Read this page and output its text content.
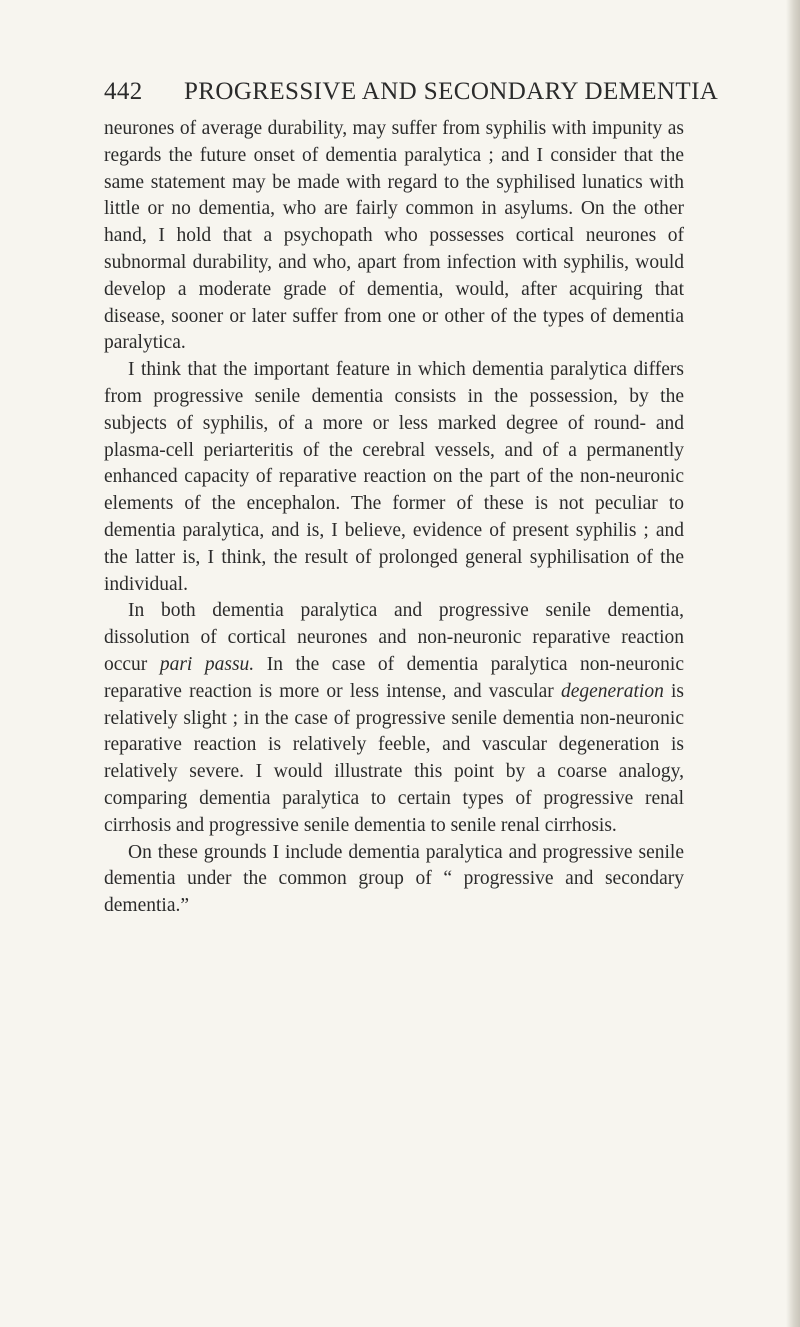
442 PROGRESSIVE AND SECONDARY DEMENTIA

neurones of average durability, may suffer from syphilis with impunity as regards the future onset of dementia paralytica ; and I consider that the same statement may be made with regard to the syphilised lunatics with little or no dementia, who are fairly common in asylums. On the other hand, I hold that a psychopath who possesses cortical neurones of subnormal durability, and who, apart from infection with syphilis, would develop a moderate grade of dementia, would, after acquiring that disease, sooner or later suffer from one or other of the types of dementia paralytica.

I think that the important feature in which dementia paralytica differs from progressive senile dementia consists in the possession, by the subjects of syphilis, of a more or less marked degree of round- and plasma-cell periarteritis of the cerebral vessels, and of a permanently enhanced capacity of reparative reaction on the part of the non-neuronic elements of the encephalon. The former of these is not peculiar to dementia paralytica, and is, I believe, evidence of present syphilis ; and the latter is, I think, the result of prolonged general syphilisation of the individual.

In both dementia paralytica and progressive senile dementia, dissolution of cortical neurones and non-neuronic reparative reaction occur pari passu. In the case of dementia paralytica non-neuronic reparative reaction is more or less intense, and vascular degeneration is relatively slight ; in the case of progressive senile dementia non-neuronic reparative reaction is relatively feeble, and vascular degeneration is relatively severe. I would illustrate this point by a coarse analogy, comparing dementia paralytica to certain types of progressive renal cirrhosis and progressive senile dementia to senile renal cirrhosis.

On these grounds I include dementia paralytica and progressive senile dementia under the common group of “ progressive and secondary dementia.”
